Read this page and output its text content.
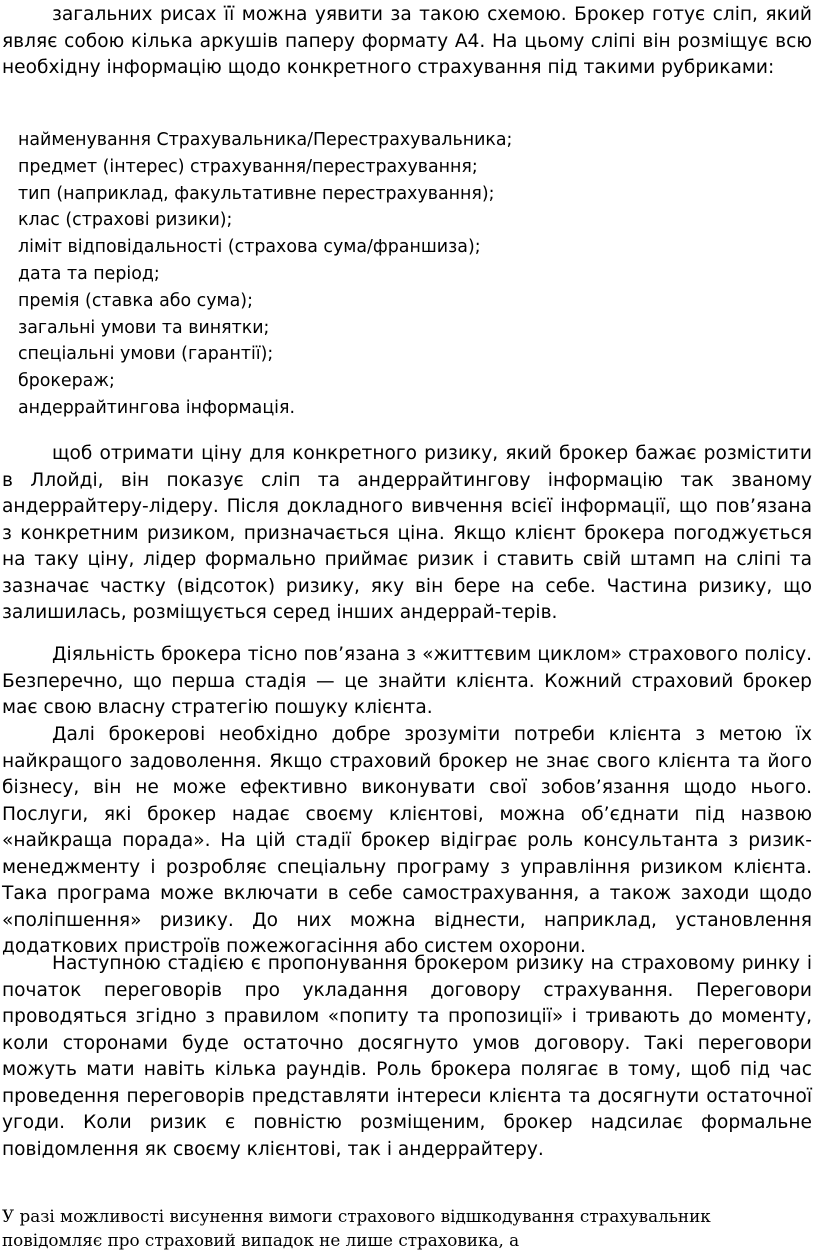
загальних рисах її можна уявити за такою схемою. Брокер готує сліп, який являє собою кілька аркушів паперу формату А4. На цьому сліпі він розміщує всю необхідну інформацію щодо конкретного страхування під такими рубриками:

найменування Страхувальника/Перестрахувальника;
предмет (інтерес) страхування/перестрахування;
тип (наприклад, факультативне перестрахування);
клас (страхові ризики);
ліміт відповідальності (страхова сума/франшиза);
дата та період;
премія (ставка або сума);
загальні умови та винятки;
спеціальні умови (гарантії);
брокераж;
андеррайтингова інформація.

щоб отримати ціну для конкретного ризику, який брокер бажає розмістити в Ллойді, він показує сліп та андеррайтингову інформацію так званому андеррайтеру-лідеру. Після докладного вивчення всієї інформації, що пов’язана з конкретним ризиком, призначається ціна. Якщо клієнт брокера погоджується на таку ціну, лідер формально приймає ризик і ставить свій штамп на сліпі та зазначає частку (відсоток) ризику, яку він бере на себе. Частина ризику, що залишилась, розміщується серед інших андеррай-терів.

Діяльність брокера тісно пов’язана з «життєвим циклом» страхового полісу. Безперечно, що перша стадія — це знайти клієнта. Кожний страховий брокер має свою власну стратегію пошуку клієнта.

Далі брокерові необхідно добре зрозуміти потреби клієнта з метою їх найкращого задоволення. Якщо страховий брокер не знає свого клієнта та його бізнесу, він не може ефективно виконувати свої зобов’язання щодо нього. Послуги, які брокер надає своєму клієнтові, можна об’єднати під назвою «найкраща порада». На цій стадії брокер відіграє роль консультанта з ризик-менеджменту і розробляє спеціальну програму з управління ризиком клієнта. Така програма може включати в себе самострахування, а також заходи щодо «поліпшення» ризику. До них можна віднести, наприклад, установлення додаткових пристроїв пожежогасіння або систем охорони.

Наступною стадією є пропонування брокером ризику на страховому ринку і початок переговорів про укладання договору страхування. Переговори проводяться згідно з правилом «попиту та пропозиції» і тривають до моменту, коли сторонами буде остаточно досягнуто умов договору. Такі переговори можуть мати навіть кілька раундів. Роль брокера полягає в тому, щоб під час проведення переговорів представляти інтереси клієнта та досягнути остаточної угоди. Коли ризик є повністю розміщеним, брокер надсилає формальне повідомлення як своєму клієнтові, так і андеррайтеру.

У разі можливості висунення вимоги страхового відшкодування страхувальник повідомляє про страховий випадок не лише страховика, а
